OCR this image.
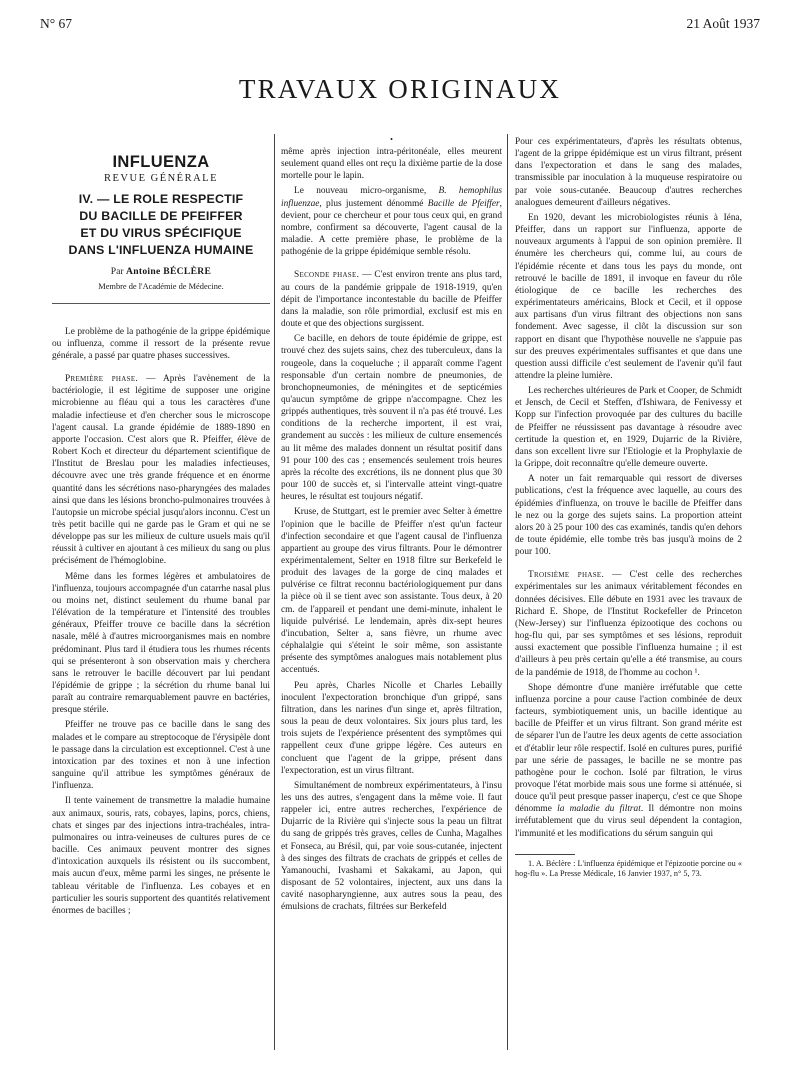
N° 67	21 Août 1937
TRAVAUX ORIGINAUX
INFLUENZA
REVUE GÉNÉRALE
IV. — LE ROLE RESPECTIF
DU BACILLE DE PFEIFFER
ET DU VIRUS SPÉCIFIQUE
DANS L'INFLUENZA HUMAINE
Par Antoine BÉCLÈRE
Membre de l'Académie de Médecine.

Le problème de la pathogénie de la grippe épidémique ou influenza, comme il ressort de la présente revue générale, a passé par quatre phases successives.

Première phase. — Après l'avènement de la bactériologie, il est légitime de supposer une origine microbienne au fléau qui a tous les caractères d'une maladie infectieuse et d'en chercher sous le microscope l'agent causal. La grande épidémie de 1889-1890 en apporte l'occasion. C'est alors que R. Pfeiffer, élève de Robert Koch et directeur du département scientifique de l'Institut de Breslau pour les maladies infectieuses, découvre avec une très grande fréquence et en énorme quantité dans les sécrétions naso-pharyngées des malades ainsi que dans les lésions broncho-pulmonaires trouvées à l'autopsie un microbe spécial jusqu'alors inconnu. C'est un très petit bacille qui ne garde pas le Gram et qui ne se développe pas sur les milieux de culture usuels mais qu'il réussit à cultiver en ajoutant à ces milieux du sang ou plus précisément de l'hémoglobine.

Même dans les formes légères et ambulatoires de l'influenza, toujours accompagnée d'un catarrhe nasal plus ou moins net, distinct seulement du rhume banal par l'élévation de la température et l'intensité des troubles généraux, Pfeiffer trouve ce bacille dans la sécrétion nasale, mêlé à d'autres microorganismes mais en nombre prédominant. Plus tard il étudiera tous les rhumes récents qui se présenteront à son observation mais y cherchera sans le retrouver le bacille découvert par lui pendant l'épidémie de grippe ; la sécrétion du rhume banal lui paraît au contraire remarquablement pauvre en bactéries, presque stérile.

Pfeiffer ne trouve pas ce bacille dans le sang des malades et le compare au streptocoque de l'érysipèle dont le passage dans la circulation est exceptionnel. C'est à une intoxication par des toxines et non à une infection sanguine qu'il attribue les symptômes généraux de l'influenza.

Il tente vainement de transmettre la maladie humaine aux animaux, souris, rats, cobayes, lapins, porcs, chiens, chats et singes par des injections intra-trachéales, intra-pulmonaires ou intra-veineuses de cultures pures de ce bacille. Ces animaux peuvent montrer des signes d'intoxication auxquels ils résistent ou ils succombent, mais aucun d'eux, même parmi les singes, ne présente le tableau véritable de l'influenza. Les cobayes et en particulier les souris supportent des quantités relativement énormes de bacilles ;

•

même après injection intra-péritonéale, elles meurent seulement quand elles ont reçu la dixième partie de la dose mortelle pour le lapin.

Le nouveau micro-organisme, B. hemophilus influenzae, plus justement dénommé Bacille de Pfeiffer, devient, pour ce chercheur et pour tous ceux qui, en grand nombre, confirment sa découverte, l'agent causal de la maladie. A cette première phase, le problème de la pathogénie de la grippe épidémique semble résolu.

Seconde phase. — C'est environ trente ans plus tard, au cours de la pandémie grippale de 1918-1919, qu'en dépit de l'importance incontestable du bacille de Pfeiffer dans la maladie, son rôle primordial, exclusif est mis en doute et que des objections surgissent.

Ce bacille, en dehors de toute épidémie de grippe, est trouvé chez des sujets sains, chez des tuberculeux, dans la rougeole, dans la coqueluche ; il apparaît comme l'agent responsable d'un certain nombre de pneumonies, de bronchopneumonies, de méningites et de septicémies qu'aucun symptôme de grippe n'accompagne. Chez les grippés authentiques, très souvent il n'a pas été trouvé. Les conditions de la recherche importent, il est vrai, grandement au succès : les milieux de culture ensemencés au lit même des malades donnent un résultat positif dans 91 pour 100 des cas ; ensemencés seulement trois heures après la récolte des excrétions, ils ne donnent plus que 30 pour 100 de succès et, si l'intervalle atteint vingt-quatre heures, le résultat est toujours négatif.

Kruse, de Stuttgart, est le premier avec Selter à émettre l'opinion que le bacille de Pfeiffer n'est qu'un facteur d'infection secondaire et que l'agent causal de l'influenza appartient au groupe des virus filtrants. Pour le démontrer expérimentalement, Selter en 1918 filtre sur Berkefeld le produit des lavages de la gorge de cinq malades et pulvérise ce filtrat reconnu bactériologiquement pur dans la pièce où il se tient avec son assistante. Tous deux, à 20 cm. de l'appareil et pendant une demi-minute, inhalent le liquide pulvérisé. Le lendemain, après dix-sept heures d'incubation, Selter a, sans fièvre, un rhume avec céphalalgie qui s'éteint le soir même, son assistante présente des symptômes analogues mais notablement plus accentués.

Peu après, Charles Nicolle et Charles Lebailly inoculent l'expectoration bronchique d'un grippé, sans filtration, dans les narines d'un singe et, après filtration, sous la peau de deux volontaires. Six jours plus tard, les trois sujets de l'expérience présentent des symptômes qui rappellent ceux d'une grippe légère. Ces auteurs en concluent que l'agent de la grippe, présent dans l'expectoration, est un virus filtrant.

Simultanément de nombreux expérimentateurs, à l'insu les uns des autres, s'engagent dans la même voie. Il faut rappeler ici, entre autres recherches, l'expérience de Dujarric de la Rivière qui s'injecte sous la peau un filtrat du sang de grippés très graves, celles de Cunha, Magalhes et Fonseca, au Brésil, qui, par voie sous-cutanée, injectent à des singes des filtrats de crachats de grippés et celles de Yamanouchi, Ivashami et Sakakami, au Japon, qui disposant de 52 volontaires, injectent, aux uns dans la cavité nasopharyngienne, aux autres sous la peau, des émulsions de crachats, filtrées sur Berkefeld

Pour ces expérimentateurs, d'après les résultats obtenus, l'agent de la grippe épidémique est un virus filtrant, présent dans l'expectoration et dans le sang des malades, transmissible par inoculation à la muqueuse respiratoire ou par voie sous-cutanée. Beaucoup d'autres recherches analogues demeurent d'ailleurs négatives.

En 1920, devant les microbiologistes réunis à Iéna, Pfeiffer, dans un rapport sur l'influenza, apporte de nouveaux arguments à l'appui de son opinion première. Il énumère les chercheurs qui, comme lui, au cours de l'épidémie récente et dans tous les pays du monde, ont retrouvé le bacille de 1891, il invoque en faveur du rôle étiologique de ce bacille les recherches des expérimentateurs américains, Block et Cecil, et il oppose aux partisans d'un virus filtrant des objections non sans fondement. Avec sagesse, il clôt la discussion sur son rapport en disant que l'hypothèse nouvelle ne s'appuie pas sur des preuves expérimentales suffisantes et que dans une question aussi difficile c'est seulement de l'avenir qu'il faut attendre la pleine lumière.

Les recherches ultérieures de Park et Cooper, de Schmidt et Jensch, de Cecil et Steffen, d'Ishiwara, de Fenivessy et Kopp sur l'infection provoquée par des cultures du bacille de Pfeiffer ne réussissent pas davantage à résoudre avec certitude la question et, en 1929, Dujarric de la Rivière, dans son excellent livre sur l'Etiologie et la Prophylaxie de la Grippe, doit reconnaître qu'elle demeure ouverte.

A noter un fait remarquable qui ressort de diverses publications, c'est la fréquence avec laquelle, au cours des épidémies d'influenza, on trouve le bacille de Pfeiffer dans le nez ou la gorge des sujets sains. La proportion atteint alors 20 à 25 pour 100 des cas examinés, tandis qu'en dehors de toute épidémie, elle tombe très bas jusqu'à moins de 2 pour 100.

Troisième phase. — C'est celle des recherches expérimentales sur les animaux véritablement fécondes en données décisives. Elle débute en 1931 avec les travaux de Richard E. Shope, de l'Institut Rockefeller de Princeton (New-Jersey) sur l'influenza épizootique des cochons ou hog-flu qui, par ses symptômes et ses lésions, reproduit aussi exactement que possible l'influenza humaine ; il est d'ailleurs à peu près certain qu'elle a été transmise, au cours de la pandémie de 1918, de l'homme au cochon ¹.

Shope démontre d'une manière irréfutable que cette influenza porcine a pour cause l'action combinée de deux facteurs, symbiotiquement unis, un bacille identique au bacille de Pfeiffer et un virus filtrant. Son grand mérite est de séparer l'un de l'autre les deux agents de cette association et d'établir leur rôle respectif. Isolé en cultures pures, purifié par une série de passages, le bacille ne se montre pas pathogène pour le cochon. Isolé par filtration, le virus provoque l'état morbide mais sous une forme si atténuée, si douce qu'il peut presque passer inaperçu, c'est ce que Shope dénomme la maladie du filtrat. Il démontre non moins irréfutablement que du virus seul dépendent la contagion, l'immunité et les modifications du sérum sanguin qui

1. A. Béclère : L'influenza épidémique et l'épizootie porcine ou « hog-flu ». La Presse Médicale, 16 Janvier 1937, n° 5, 73.
